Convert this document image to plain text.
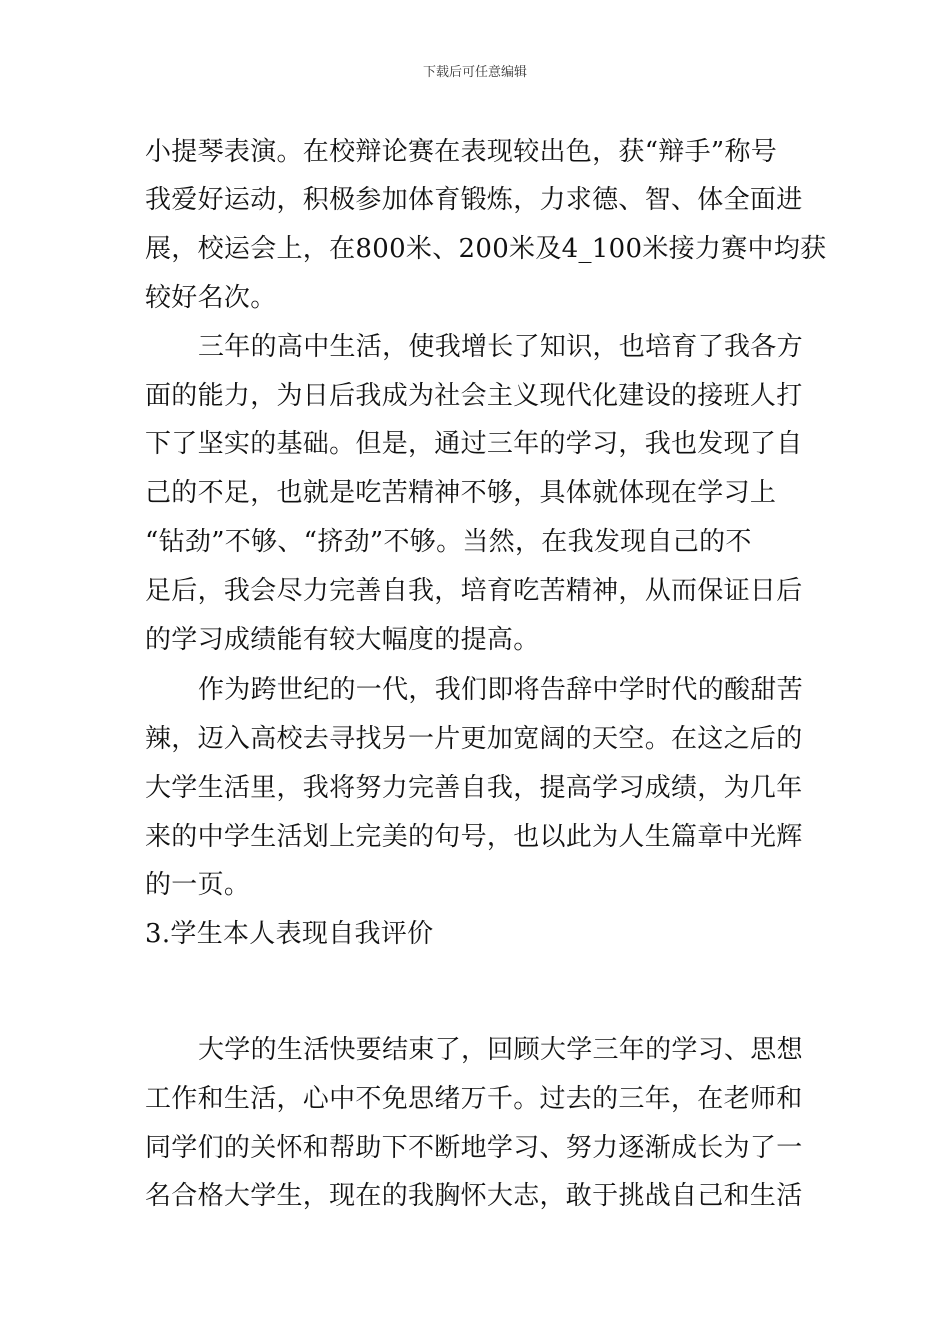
下载后可任意编辑
小提琴表演。在校辩论赛在表现较出色，获“辩手”称号
我爱好运动，积极参加体育锻炼，力求德、智、体全面进
展，校运会上，在800米、200米及4_100米接力赛中均获
较好名次。
三年的高中生活，使我增长了知识，也培育了我各方
面的能力，为日后我成为社会主义现代化建设的接班人打
下了坚实的基础。但是，通过三年的学习，我也发现了自
己的不足，也就是吃苦精神不够，具体就体现在学习上
“钻劲”不够、“挤劲”不够。当然，在我发现自己的不
足后，我会尽力完善自我，培育吃苦精神，从而保证日后
的学习成绩能有较大幅度的提高。
作为跨世纪的一代，我们即将告辞中学时代的酸甜苦
辣，迈入高校去寻找另一片更加宽阔的天空。在这之后的
大学生活里，我将努力完善自我，提高学习成绩，为几年
来的中学生活划上完美的句号，也以此为人生篇章中光辉
的一页。
3.学生本人表现自我评价
大学的生活快要结束了，回顾大学三年的学习、思想
工作和生活，心中不免思绪万千。过去的三年，在老师和
同学们的关怀和帮助下不断地学习、努力逐渐成长为了一
名合格大学生，现在的我胸怀大志，敢于挑战自己和生活
